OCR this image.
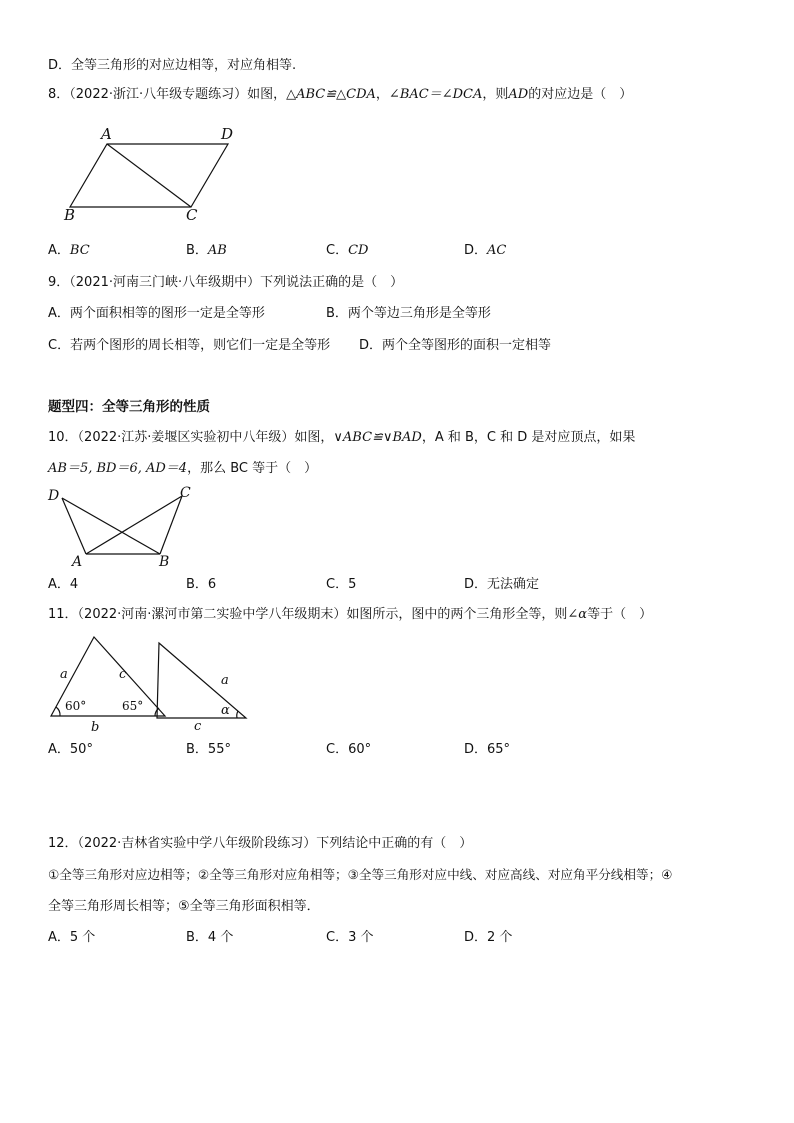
D．全等三角形的对应边相等，对应角相等.
8．（2022·浙江·八年级专题练习）如图，△ABC≌△CDA，∠BAC＝∠DCA，则AD的对应边是（　）
A	D
B	C
A．BC	B．AB	C．CD	D．AC
9．（2021·河南三门峡·八年级期中）下列说法正确的是（　）
A．两个面积相等的图形一定是全等形	B．两个等边三角形是全等形
C．若两个图形的周长相等，则它们一定是全等形 D．两个全等图形的面积一定相等
题型四：全等三角形的性质
10．（2022·江苏·姜堰区实验初中八年级）如图，∨ABC≌∨BAD，A 和 B，C 和 D 是对应顶点，如果
AB＝5, BD＝6, AD＝4，那么 BC 等于（　）
D	C
A	B
A．4	B．6	C．5	D．无法确定
11．（2022·河南·漯河市第二实验中学八年级期末）如图所示，图中的两个三角形全等，则∠α等于（　）
a	c
b
60°	65°
a
c
α
A．50°	B．55°	C．60°	D．65°
12．（2022·吉林省实验中学八年级阶段练习）下列结论中正确的有（　）
①全等三角形对应边相等；②全等三角形对应角相等；③全等三角形对应中线、对应高线、对应角平分线相等；④
全等三角形周长相等；⑤全等三角形面积相等．
A．5 个	B．4 个	C．3 个	D．2 个
